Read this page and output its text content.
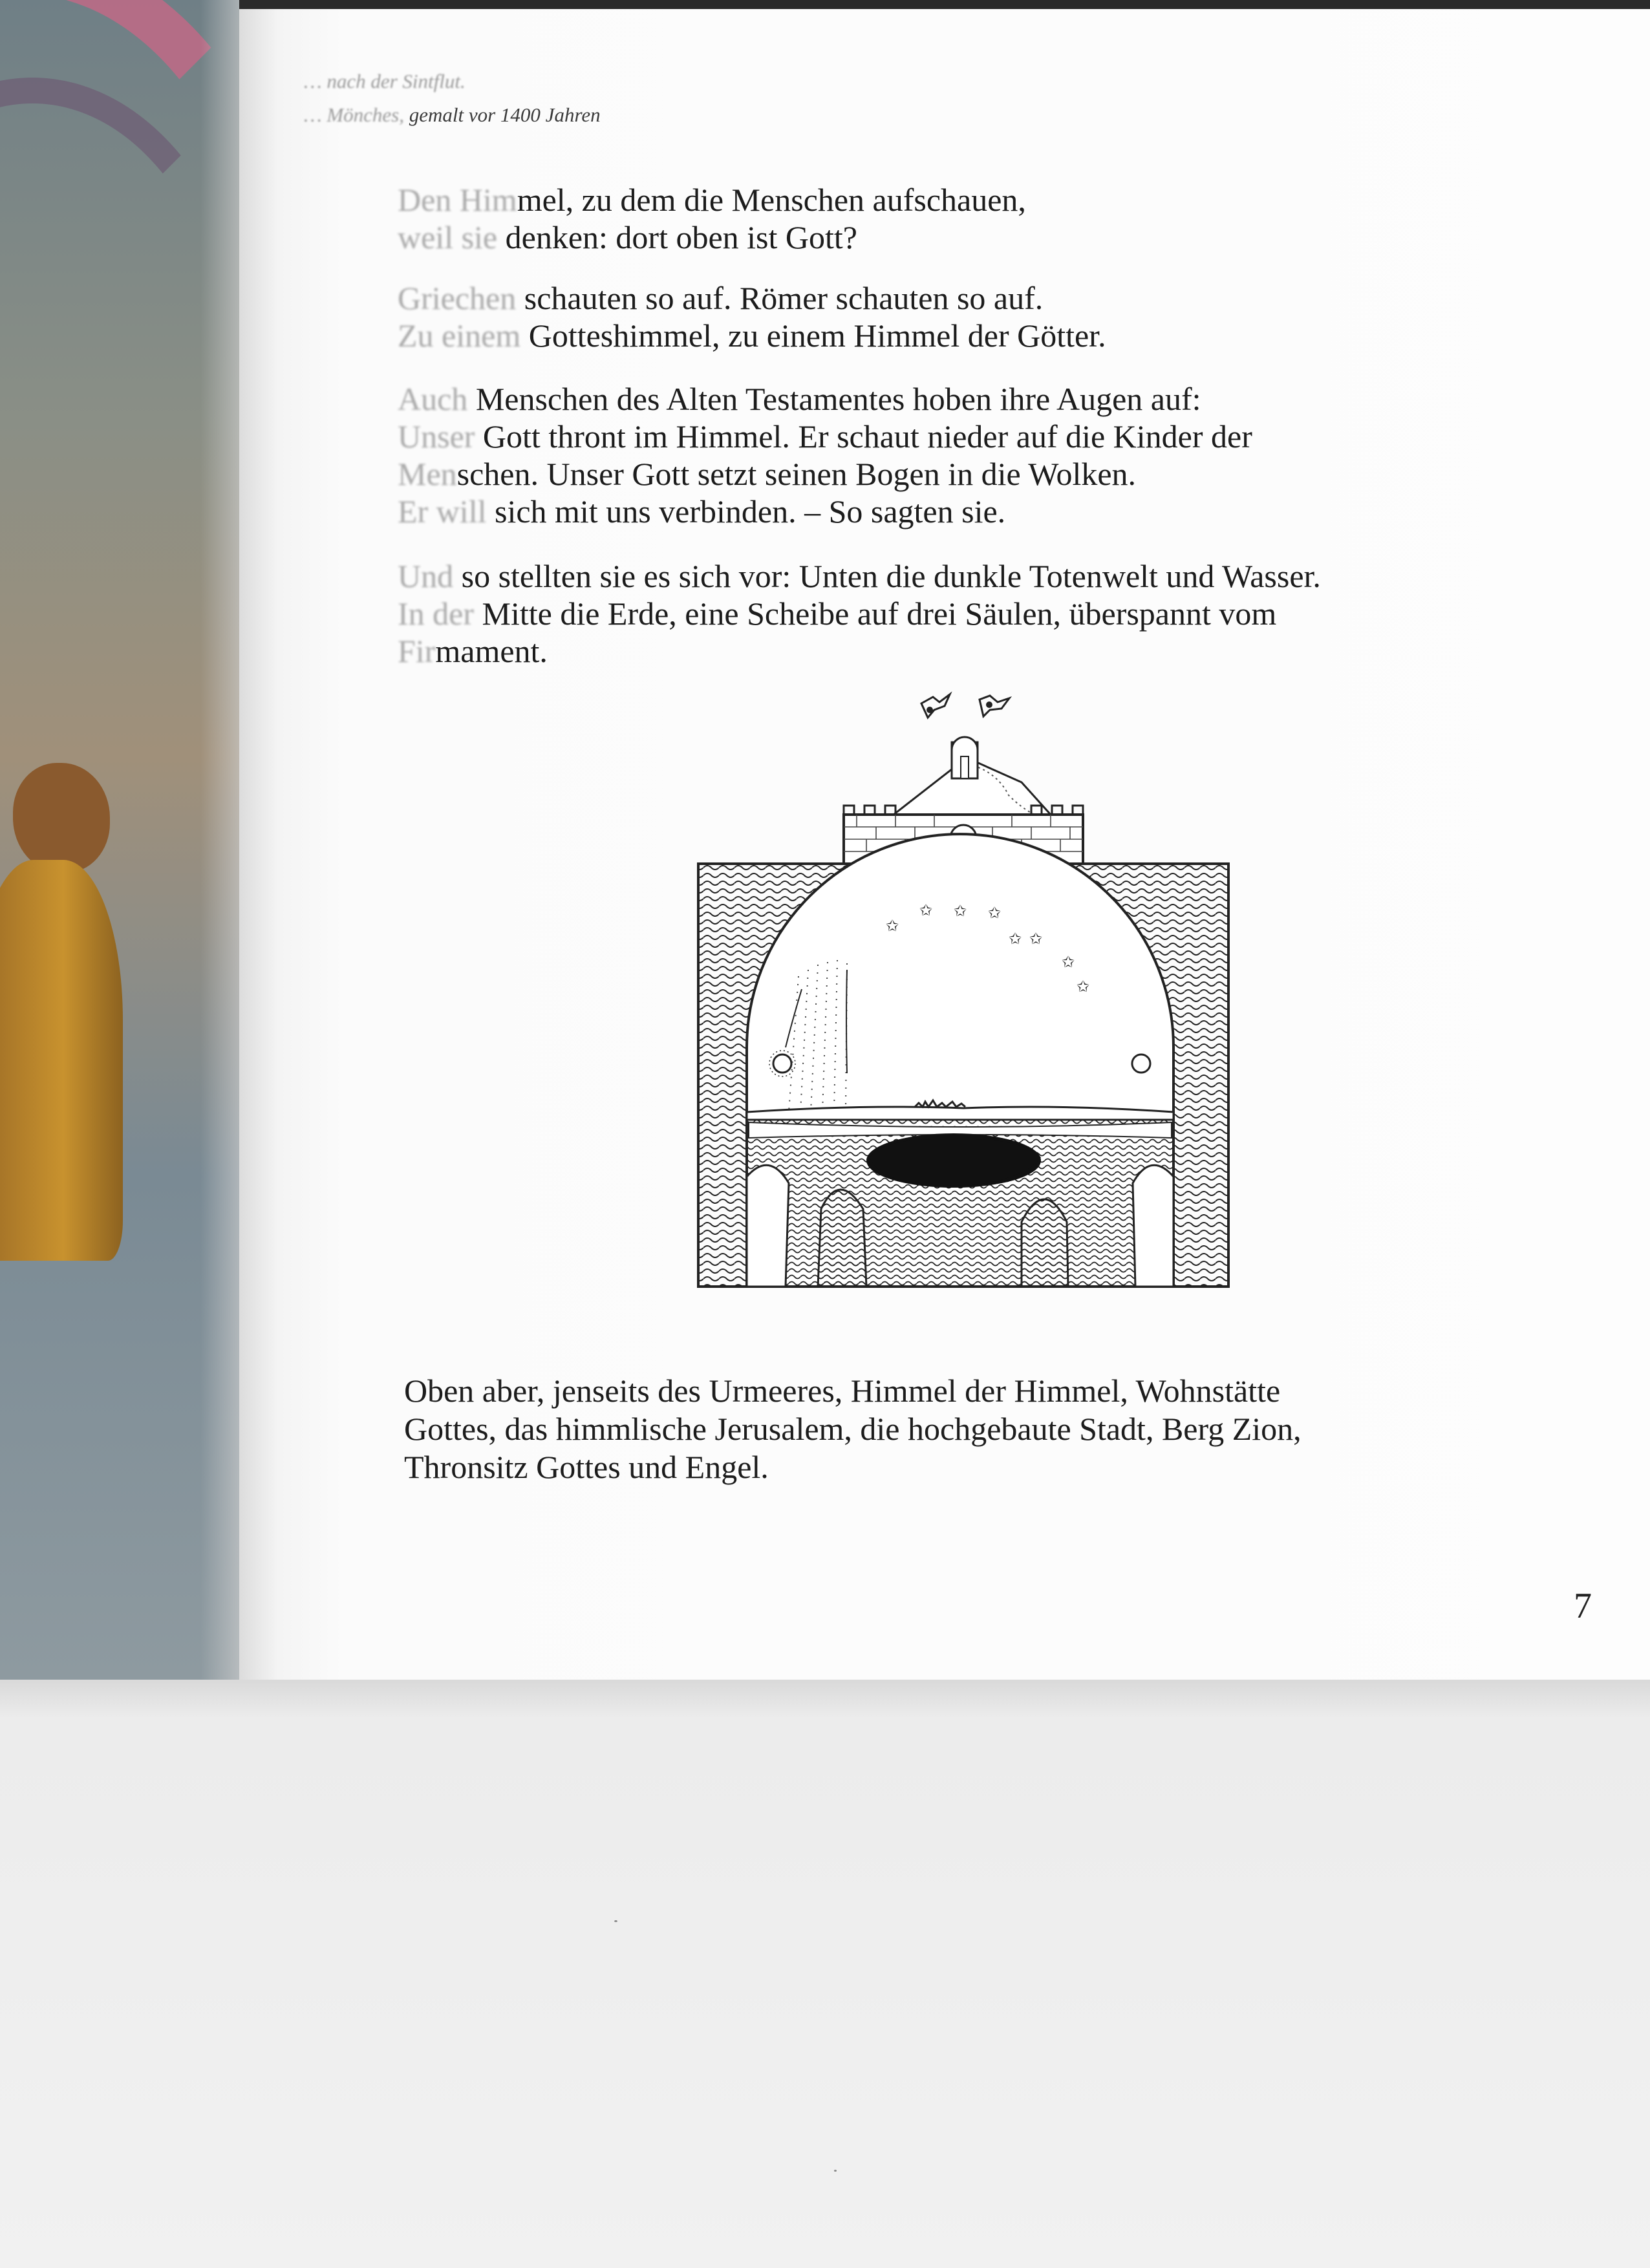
… nach der Sintflut.
… Mönches, gemalt vor 1400 Jahren
Den Himmel, zu dem die Menschen aufschauen,
weil sie denken: dort oben ist Gott?
Griechen schauten so auf. Römer schauten so auf.
Zu einem Gotteshimmel, zu einem Himmel der Götter.
Auch Menschen des Alten Testamentes hoben ihre Augen auf:
Unser Gott thront im Himmel. Er schaut nieder auf die Kinder der
Menschen. Unser Gott setzt seinen Bogen in die Wolken.
Er will sich mit uns verbinden. – So sagten sie.
Und so stellten sie es sich vor: Unten die dunkle Totenwelt und Wasser.
In der Mitte die Erde, eine Scheibe auf drei Säulen, überspannt vom
Firmament.
✩
✩ ✩ ✩
✩ ✩
✩
✩
Oben aber, jenseits des Urmeeres, Himmel der Himmel, Wohnstätte
Gottes, das himmlische Jerusalem, die hochgebaute Stadt, Berg Zion,
Thronsitz Gottes und Engel.
7
